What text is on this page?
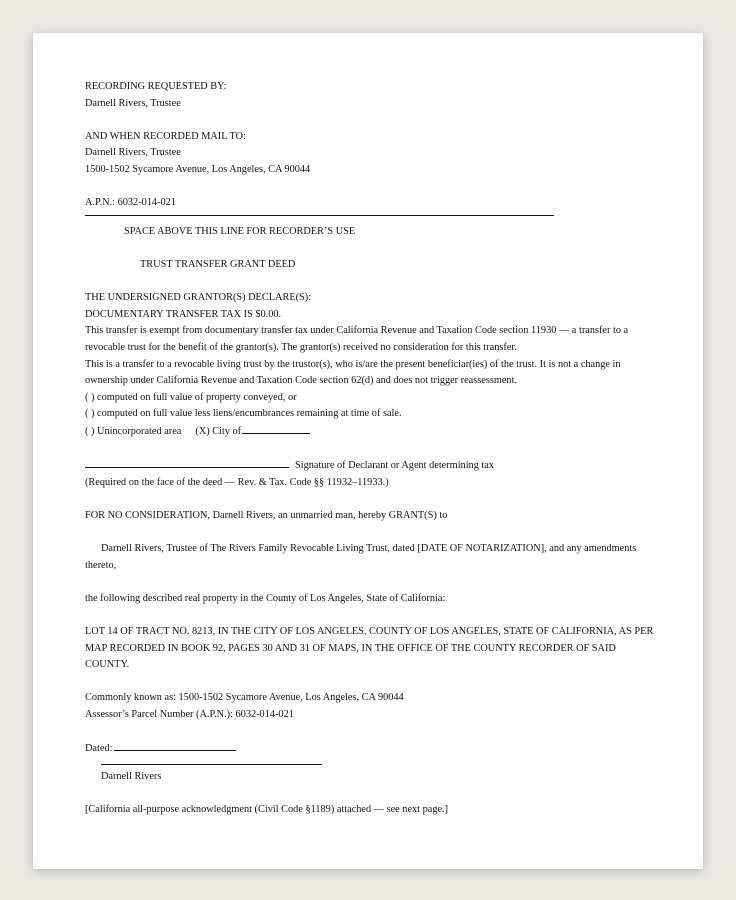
RECORDING REQUESTED BY:

Darnell Rivers, Trustee

AND WHEN RECORDED MAIL TO:

Darnell Rivers, Trustee

1500-1502 Sycamore Avenue, Los Angeles, CA 90044

A.P.N.: 6032-014-021

SPACE ABOVE THIS LINE FOR RECORDER’S USE

TRUST TRANSFER GRANT DEED

THE UNDERSIGNED GRANTOR(S) DECLARE(S):

DOCUMENTARY TRANSFER TAX IS $0.00.

This transfer is exempt from documentary transfer tax under California Revenue and Taxation Code section 11930 — a transfer to a revocable trust for the benefit of the grantor(s). The grantor(s) received no consideration for this transfer.

This is a transfer to a revocable living trust by the trustor(s), who is/are the present beneficiar(ies) of the trust. It is not a change in ownership under California Revenue and Taxation Code section 62(d) and does not trigger reassessment.

( ) computed on full value of property conveyed, or

( ) computed on full value less liens/encumbrances remaining at time of sale.

( ) Unincorporated area (X) City of

Signature of Declarant or Agent determining tax

(Required on the face of the deed — Rev. & Tax. Code §§ 11932–11933.)

FOR NO CONSIDERATION, Darnell Rivers, an unmarried man, hereby GRANT(S) to

Darnell Rivers, Trustee of The Rivers Family Revocable Living Trust, dated [DATE OF NOTARIZATION], and any amendments thereto,

the following described real property in the County of Los Angeles, State of California:

LOT 14 OF TRACT NO. 8213, IN THE CITY OF LOS ANGELES, COUNTY OF LOS ANGELES, STATE OF CALIFORNIA, AS PER MAP RECORDED IN BOOK 92, PAGES 30 AND 31 OF MAPS, IN THE OFFICE OF THE COUNTY RECORDER OF SAID COUNTY.

Commonly known as: 1500-1502 Sycamore Avenue, Los Angeles, CA 90044

Assessor’s Parcel Number (A.P.N.): 6032-014-021

Dated:

Darnell Rivers

[California all-purpose acknowledgment (Civil Code §1189) attached — see next page.]
